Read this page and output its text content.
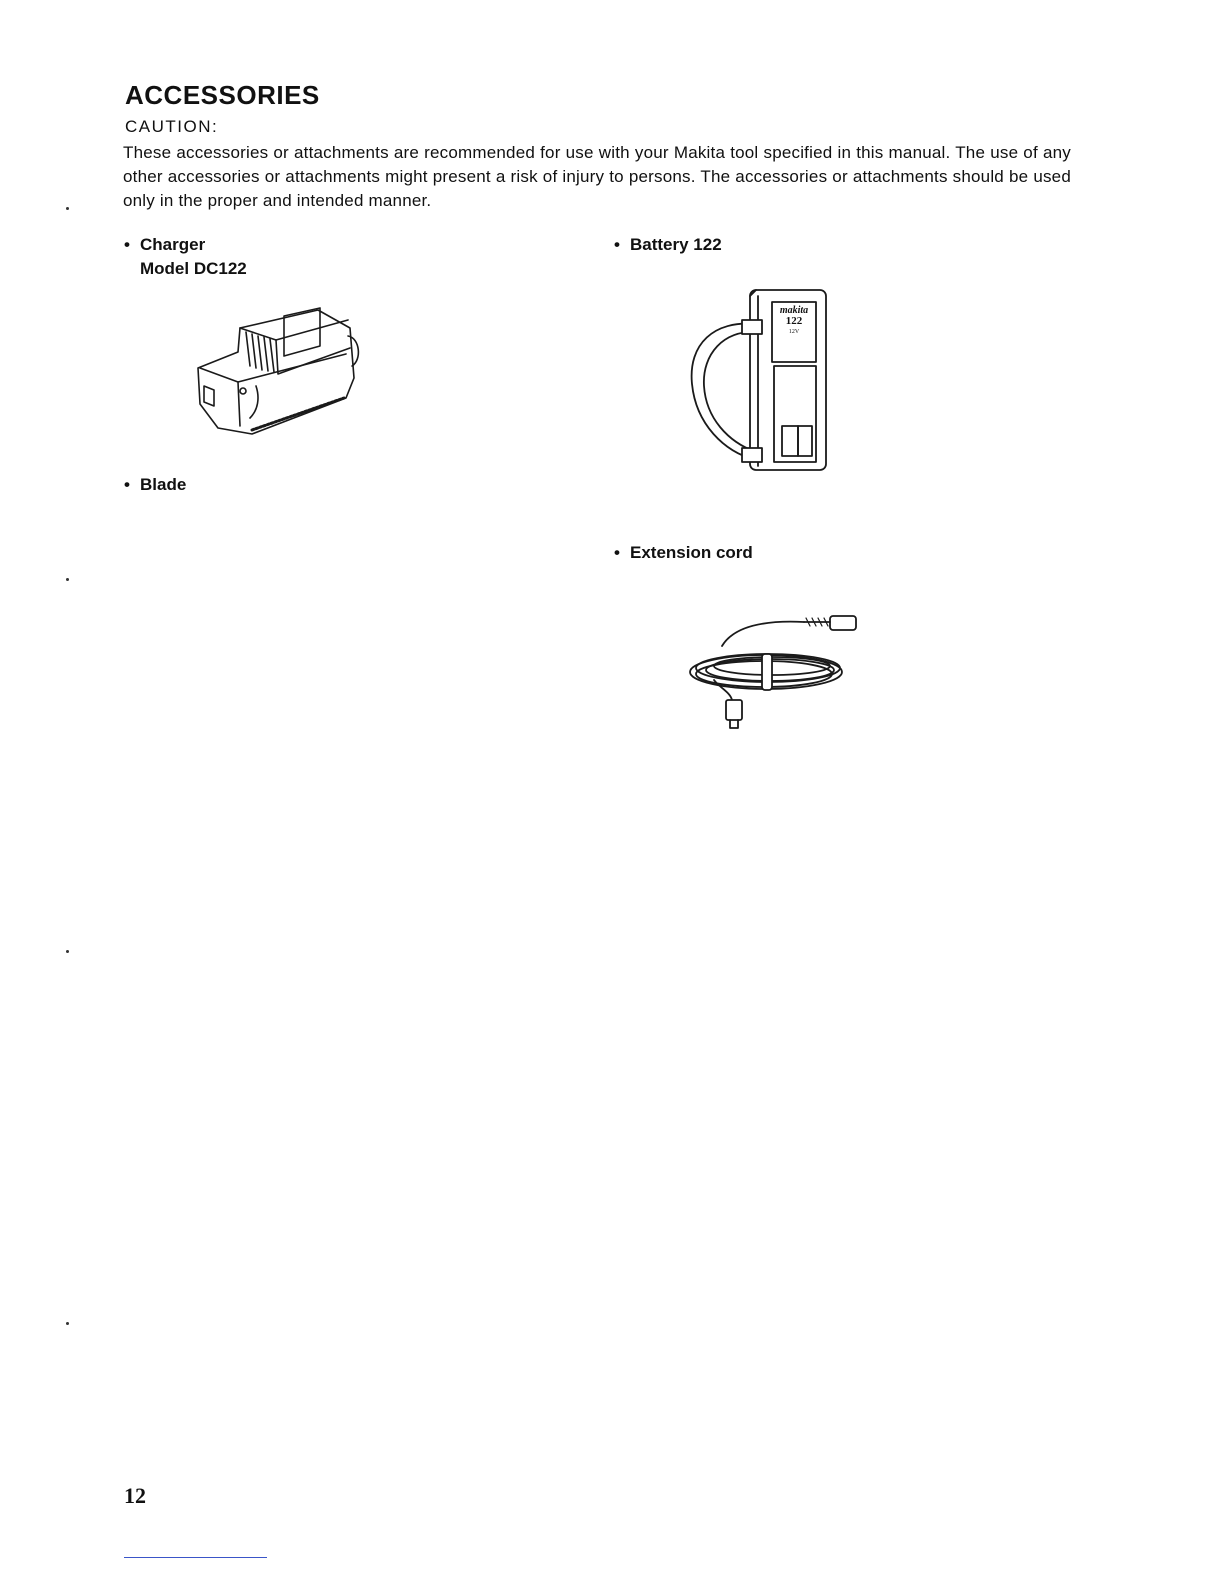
ACCESSORIES
CAUTION:
These accessories or attachments are recommended for use with your Makita tool specified in this manual. The use of any other accessories or attachments might present a risk of injury to persons. The accessories or attachments should be used only in the proper and intended manner.
• Charger
Model DC122
• Blade
• Battery 122
makita
122
12V
• Extension cord
12
